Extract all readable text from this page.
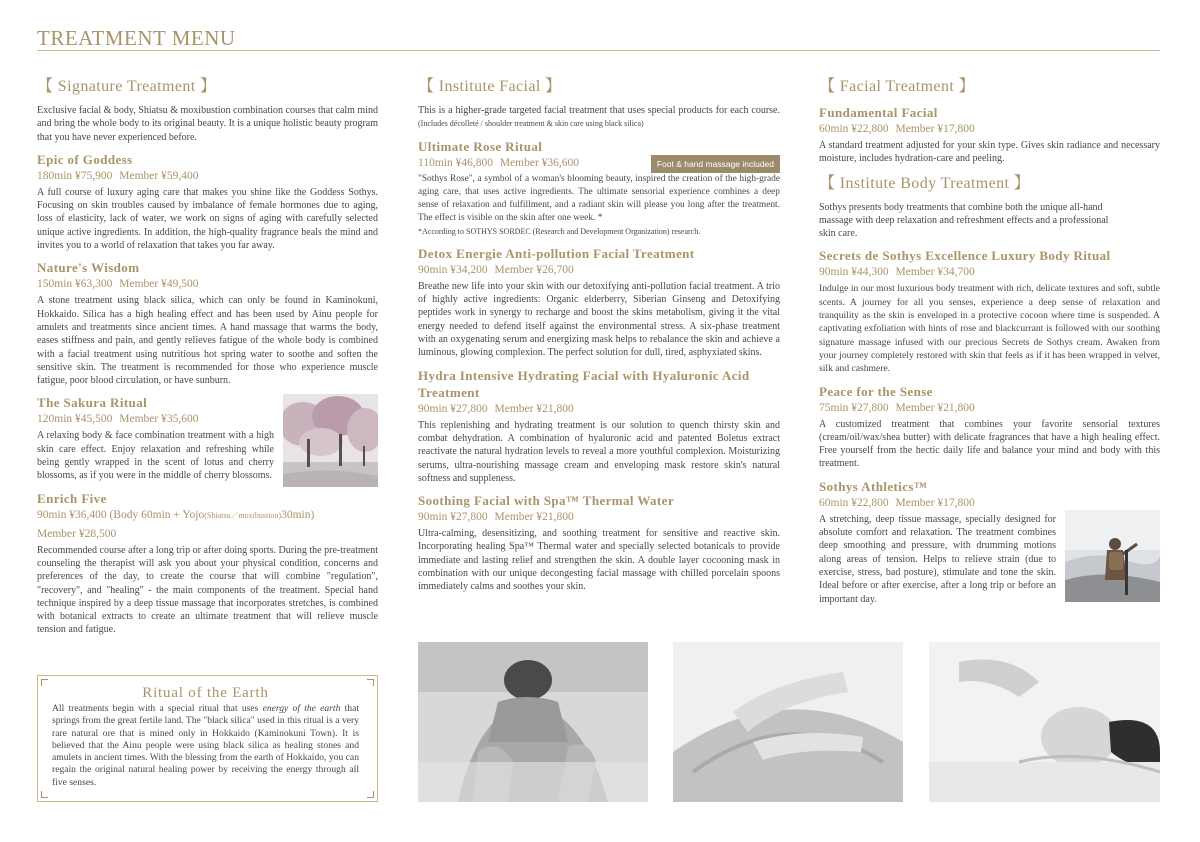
TREATMENT MENU
【 Signature Treatment 】
Exclusive facial & body, Shiatsu & moxibustion combination courses that calm mind and bring the whole body to its original beauty. It is a unique holistic beauty program that you have never experienced before.
Epic of Goddess
180min ¥75,900 Member ¥59,400
A full course of luxury aging care that makes you shine like the Goddess Sothys. Focusing on skin troubles caused by imbalance of female hormones due to aging, loss of elasticity, lack of water, we work on signs of aging with carefully selected unique active ingredients. In addition, the high-quality fragrance heals the mind and invites you to a world of relaxation that takes you far away.
Nature's Wisdom
150min ¥63,300 Member ¥49,500
A stone treatment using black silica, which can only be found in Kaminokuni, Hokkaido. Silica has a high healing effect and has been used by Ainu people for amulets and treatments since ancient times. A hand massage that warms the body, eases stiffness and pain, and gently relieves fatigue of the whole body is combined with a facial treatment using nutritious hot spring water to soothe and soften the sensitive skin. The treatment is recommended for those who experience muscle fatigue, poor blood circulation, or have sunburn.
The Sakura Ritual
120min ¥45,500 Member ¥35,600
A relaxing body & face combination treatment with a high skin care effect. Enjoy relaxation and refreshing while being gently wrapped in the scent of lotus and cherry blossoms, as if you were in the middle of cherry blossoms.
Enrich Five
90min ¥36,400 (Body 60min + Yojo(Shiatsu／moxibustion)30min)
Member ¥28,500
Recommended course after a long trip or after doing sports. During the pre-treatment counseling the therapist will ask you about your physical condition, concerns and preferences of the day, to create the course that will combine "regulation", "recovery", and "healing" - the main components of the treatment. Special hand technique inspired by a deep tissue massage that incorporates stretches, is combined with botanical extracts to create an ultimate treatment that will relieve muscle tension and fatigue.
Ritual of the Earth
All treatments begin with a special ritual that uses energy of the earth that springs from the great fertile land. The "black silica" used in this ritual is a very rare natural ore that is mined only in Hokkaido (Kaminokuni Town). It is believed that the Ainu people were using black silica as healing stones and amulets in ancient times. With the blessing from the earth of Hokkaido, you can regain the original natural healing power by receiving the energy through all five senses.
【 Institute Facial 】
This is a higher-grade targeted facial treatment that uses special products for each course.(Includes décolleté / shoulder treatment & skin care using black silica)
Ultimate Rose Ritual
110min ¥46,800 Member ¥36,600	Foot & hand massage included
"Sothys Rose", a symbol of a woman's blooming beauty, inspired the creation of the high-grade aging care, that uses active ingredients. The ultimate sensorial experience combines a deep sense of relaxation and fulfillment, and a radiant skin will please you long after the treatment. The effect is visible on the skin after one week. *
*According to SOTHYS SORDEC (Research and Development Organization) research.
Detox Energie Anti-pollution Facial Treatment
90min ¥34,200 Member ¥26,700
Breathe new life into your skin with our detoxifying anti-pollution facial treatment. A trio of highly active ingredients: Organic elderberry, Siberian Ginseng and Detoxifying peptides work in synergy to recharge and boost the skins metabolism, giving it the vital energy needed to defend itself against the environmental stress. A six-phase treatment with an oxygenating serum and energizing mask helps to rebalance the skin and achieve a luminous, glowing complexion. The perfect solution for dull, tired, asphyxiated skins.
Hydra Intensive Hydrating Facial with Hyaluronic Acid Treatment
90min ¥27,800 Member ¥21,800
This replenishing and hydrating treatment is our solution to quench thirsty skin and combat dehydration. A combination of hyaluronic acid and patented Boletus extract reactivate the natural hydration levels to reveal a more youthful complexion. Moisturizing serums, ultra-nourishing massage cream and enveloping mask restore skin's natural softness and suppleness.
Soothing Facial with Spa™ Thermal Water
90min ¥27,800 Member ¥21,800
Ultra-calming, desensitizing, and soothing treatment for sensitive and reactive skin. Incorporating healing Spa™ Thermal water and specially selected botanicals to provide immediate and lasting relief and strengthen the skin. A double layer cocooning mask in combination with our unique decongesting facial massage with chilled porcelain spoons immediately calms and soothes your skin.
【 Facial Treatment 】
Fundamental Facial
60min ¥22,800 Member ¥17,800
A standard treatment adjusted for your skin type. Gives skin radiance and necessary moisture, includes hydration-care and peeling.
【 Institute Body Treatment 】
Sothys presents body treatments that combine both the unique all-hand massage with deep relaxation and refreshment effects and a professional skin care.
Secrets de Sothys Excellence Luxury Body Ritual
90min ¥44,300 Member ¥34,700
Indulge in our most luxurious body treatment with rich, delicate textures and soft, subtle scents. A journey for all you senses, experience a deep sense of relaxation and tranquility as the skin is enveloped in a protective cocoon where time is suspended. A captivating exfoliation with hints of rose and blackcurrant is followed with our soothing signature massage infused with our precious Secrets de Sothys cream. Awaken from your journey completely restored with skin that feels as if it has been wrapped in velvet, silk and cashmere.
Peace for the Sense
75min ¥27,800 Member ¥21,800
A customized treatment that combines your favorite sensorial textures (cream/oil/wax/shea butter) with delicate fragrances that have a high healing effect. Free yourself from the hectic daily life and balance your mind and body with this treatment.
Sothys Athletics™
60min ¥22,800 Member ¥17,800
A stretching, deep tissue massage, specially designed for absolute comfort and relaxation. The treatment combines deep smoothing and pressure, with drumming motions along areas of tension. Helps to relieve strain (due to exercise, stress, bad posture), stimulate and tone the skin. Ideal before or after exercise, after a long trip or before an important day.
